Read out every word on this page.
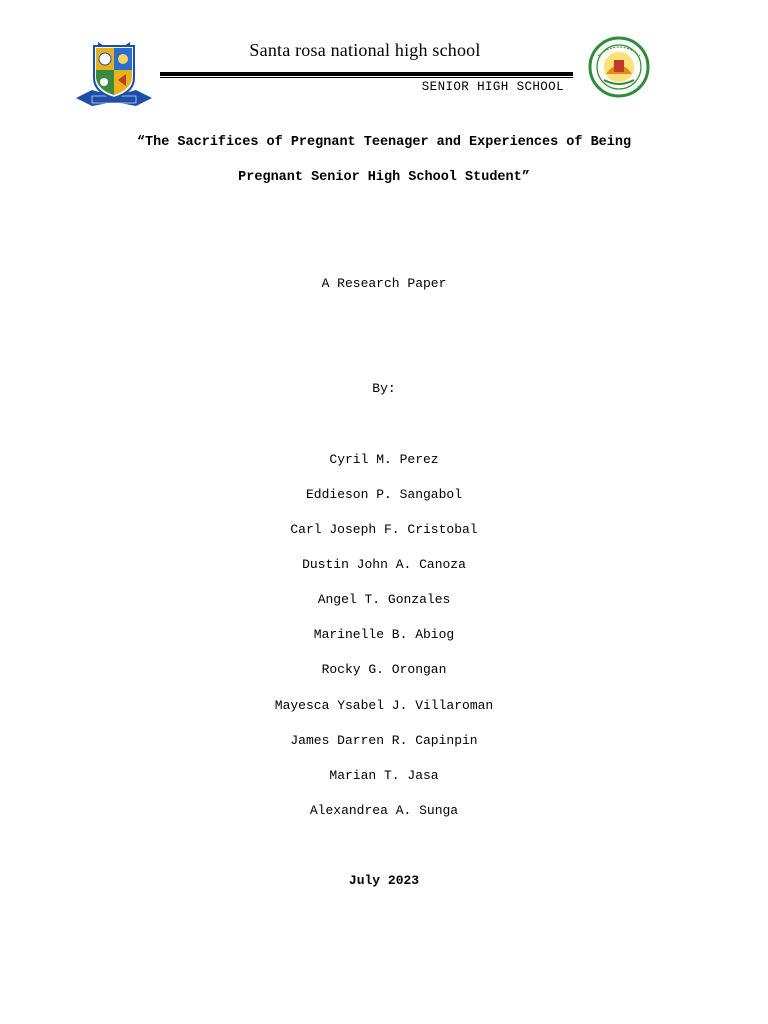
Santa rosa national high school
SENIOR HIGH SCHOOL
“The Sacrifices of Pregnant Teenager and Experiences of Being
Pregnant Senior High School Student”
A Research Paper
By:
Cyril M. Perez
Eddieson P. Sangabol
Carl Joseph F. Cristobal
Dustin John A. Canoza
Angel T. Gonzales
Marinelle B. Abiog
Rocky G. Orongan
Mayesca Ysabel J. Villaroman
James Darren R. Capinpin
Marian T. Jasa
Alexandrea A. Sunga
July 2023
